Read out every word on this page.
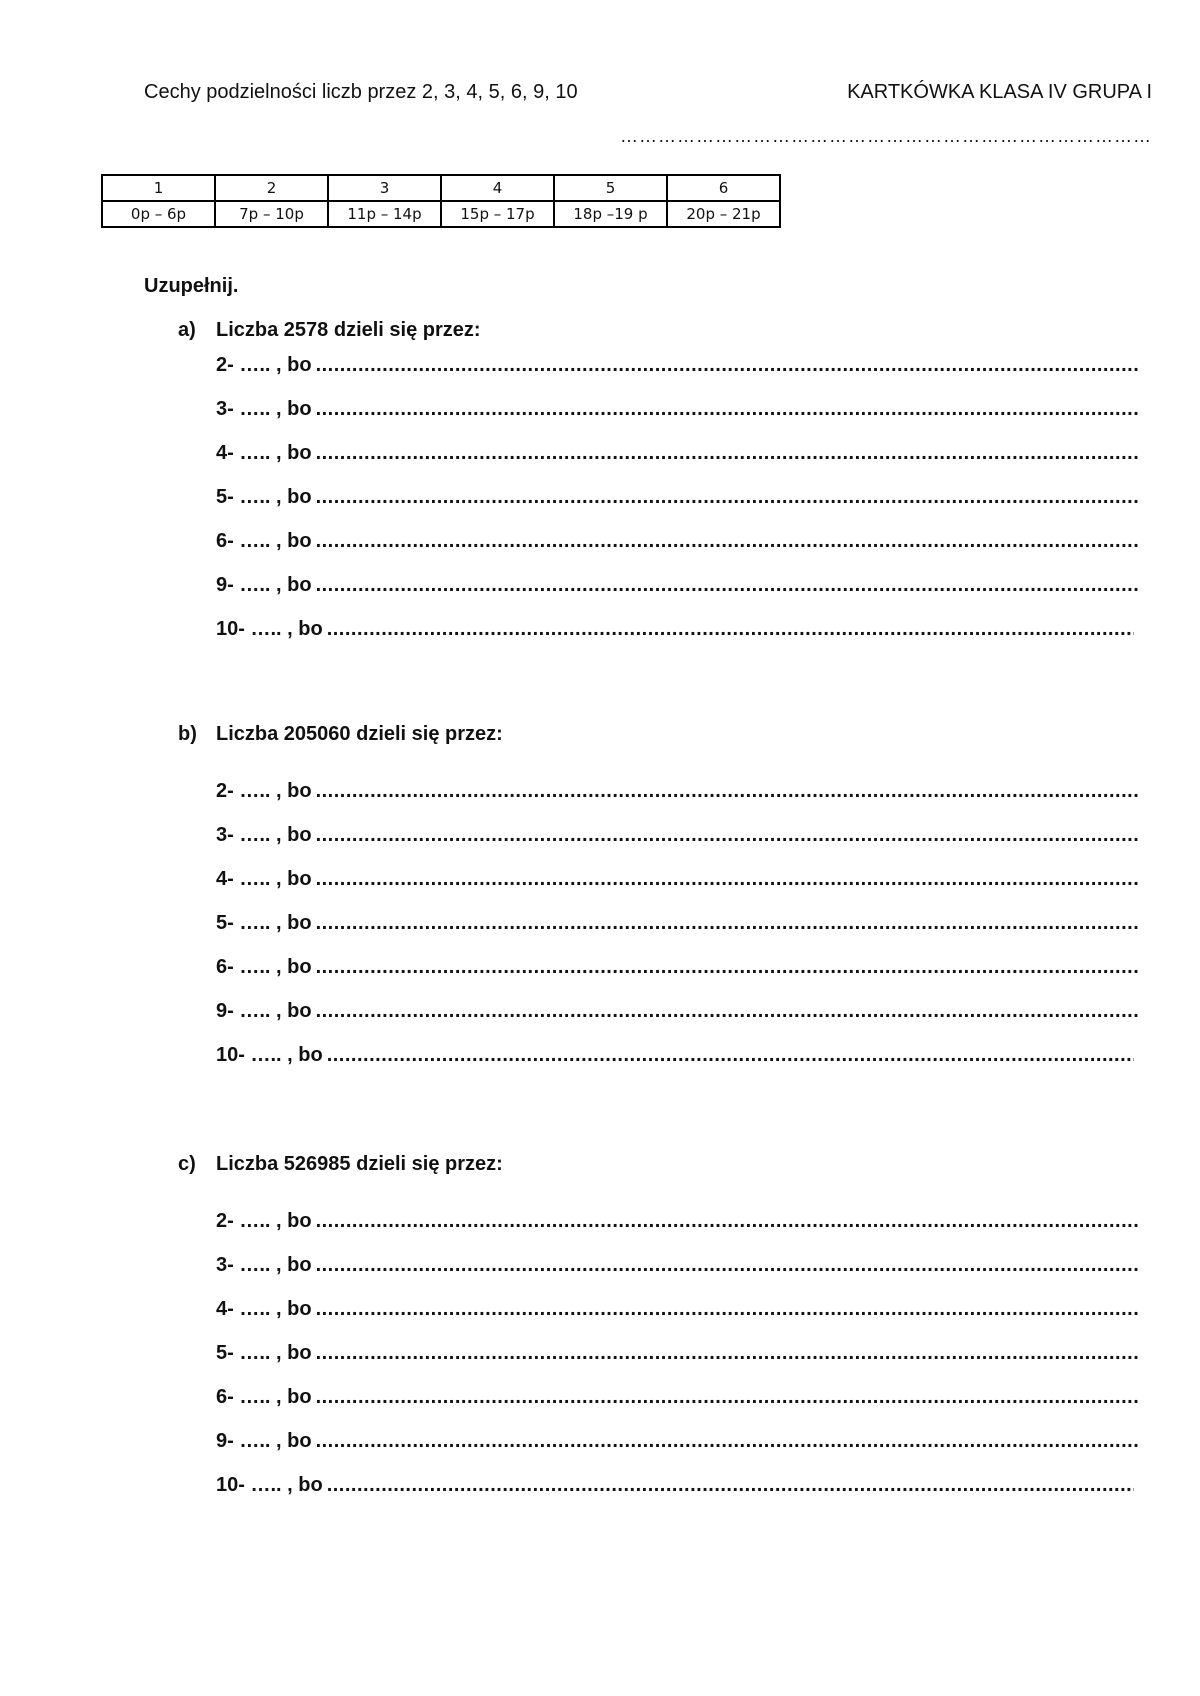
Cechy podzielności liczb przez 2, 3, 4, 5, 6, 9, 10	KARTKÓWKA KLASA IV GRUPA I
…………………………………………………………………………
1	2	3	4	5	6
0p – 6p	7p – 10p	11p – 14p	15p – 17p	18p –19 p	20p – 21p
Uzupełnij.
a) Liczba 2578 dzieli się przez:
2- ….. , bo
.....
3- ….. , bo
.....
4- ….. , bo
.....
5- ….. , bo
.....
6- ….. , bo
.....
9- ….. , bo
.....
10- ….. , bo
.....
b) Liczba 205060 dzieli się przez:
2- ….. , bo
.....
3- ….. , bo
.....
4- ….. , bo
.....
5- ….. , bo
.....
6- ….. , bo
.....
9- ….. , bo
.....
10- ….. , bo
.....
c) Liczba 526985 dzieli się przez:
2- ….. , bo
.....
3- ….. , bo
.....
4- ….. , bo
.....
5- ….. , bo
.....
6- ….. , bo
.....
9- ….. , bo
.....
10- ….. , bo
.....
